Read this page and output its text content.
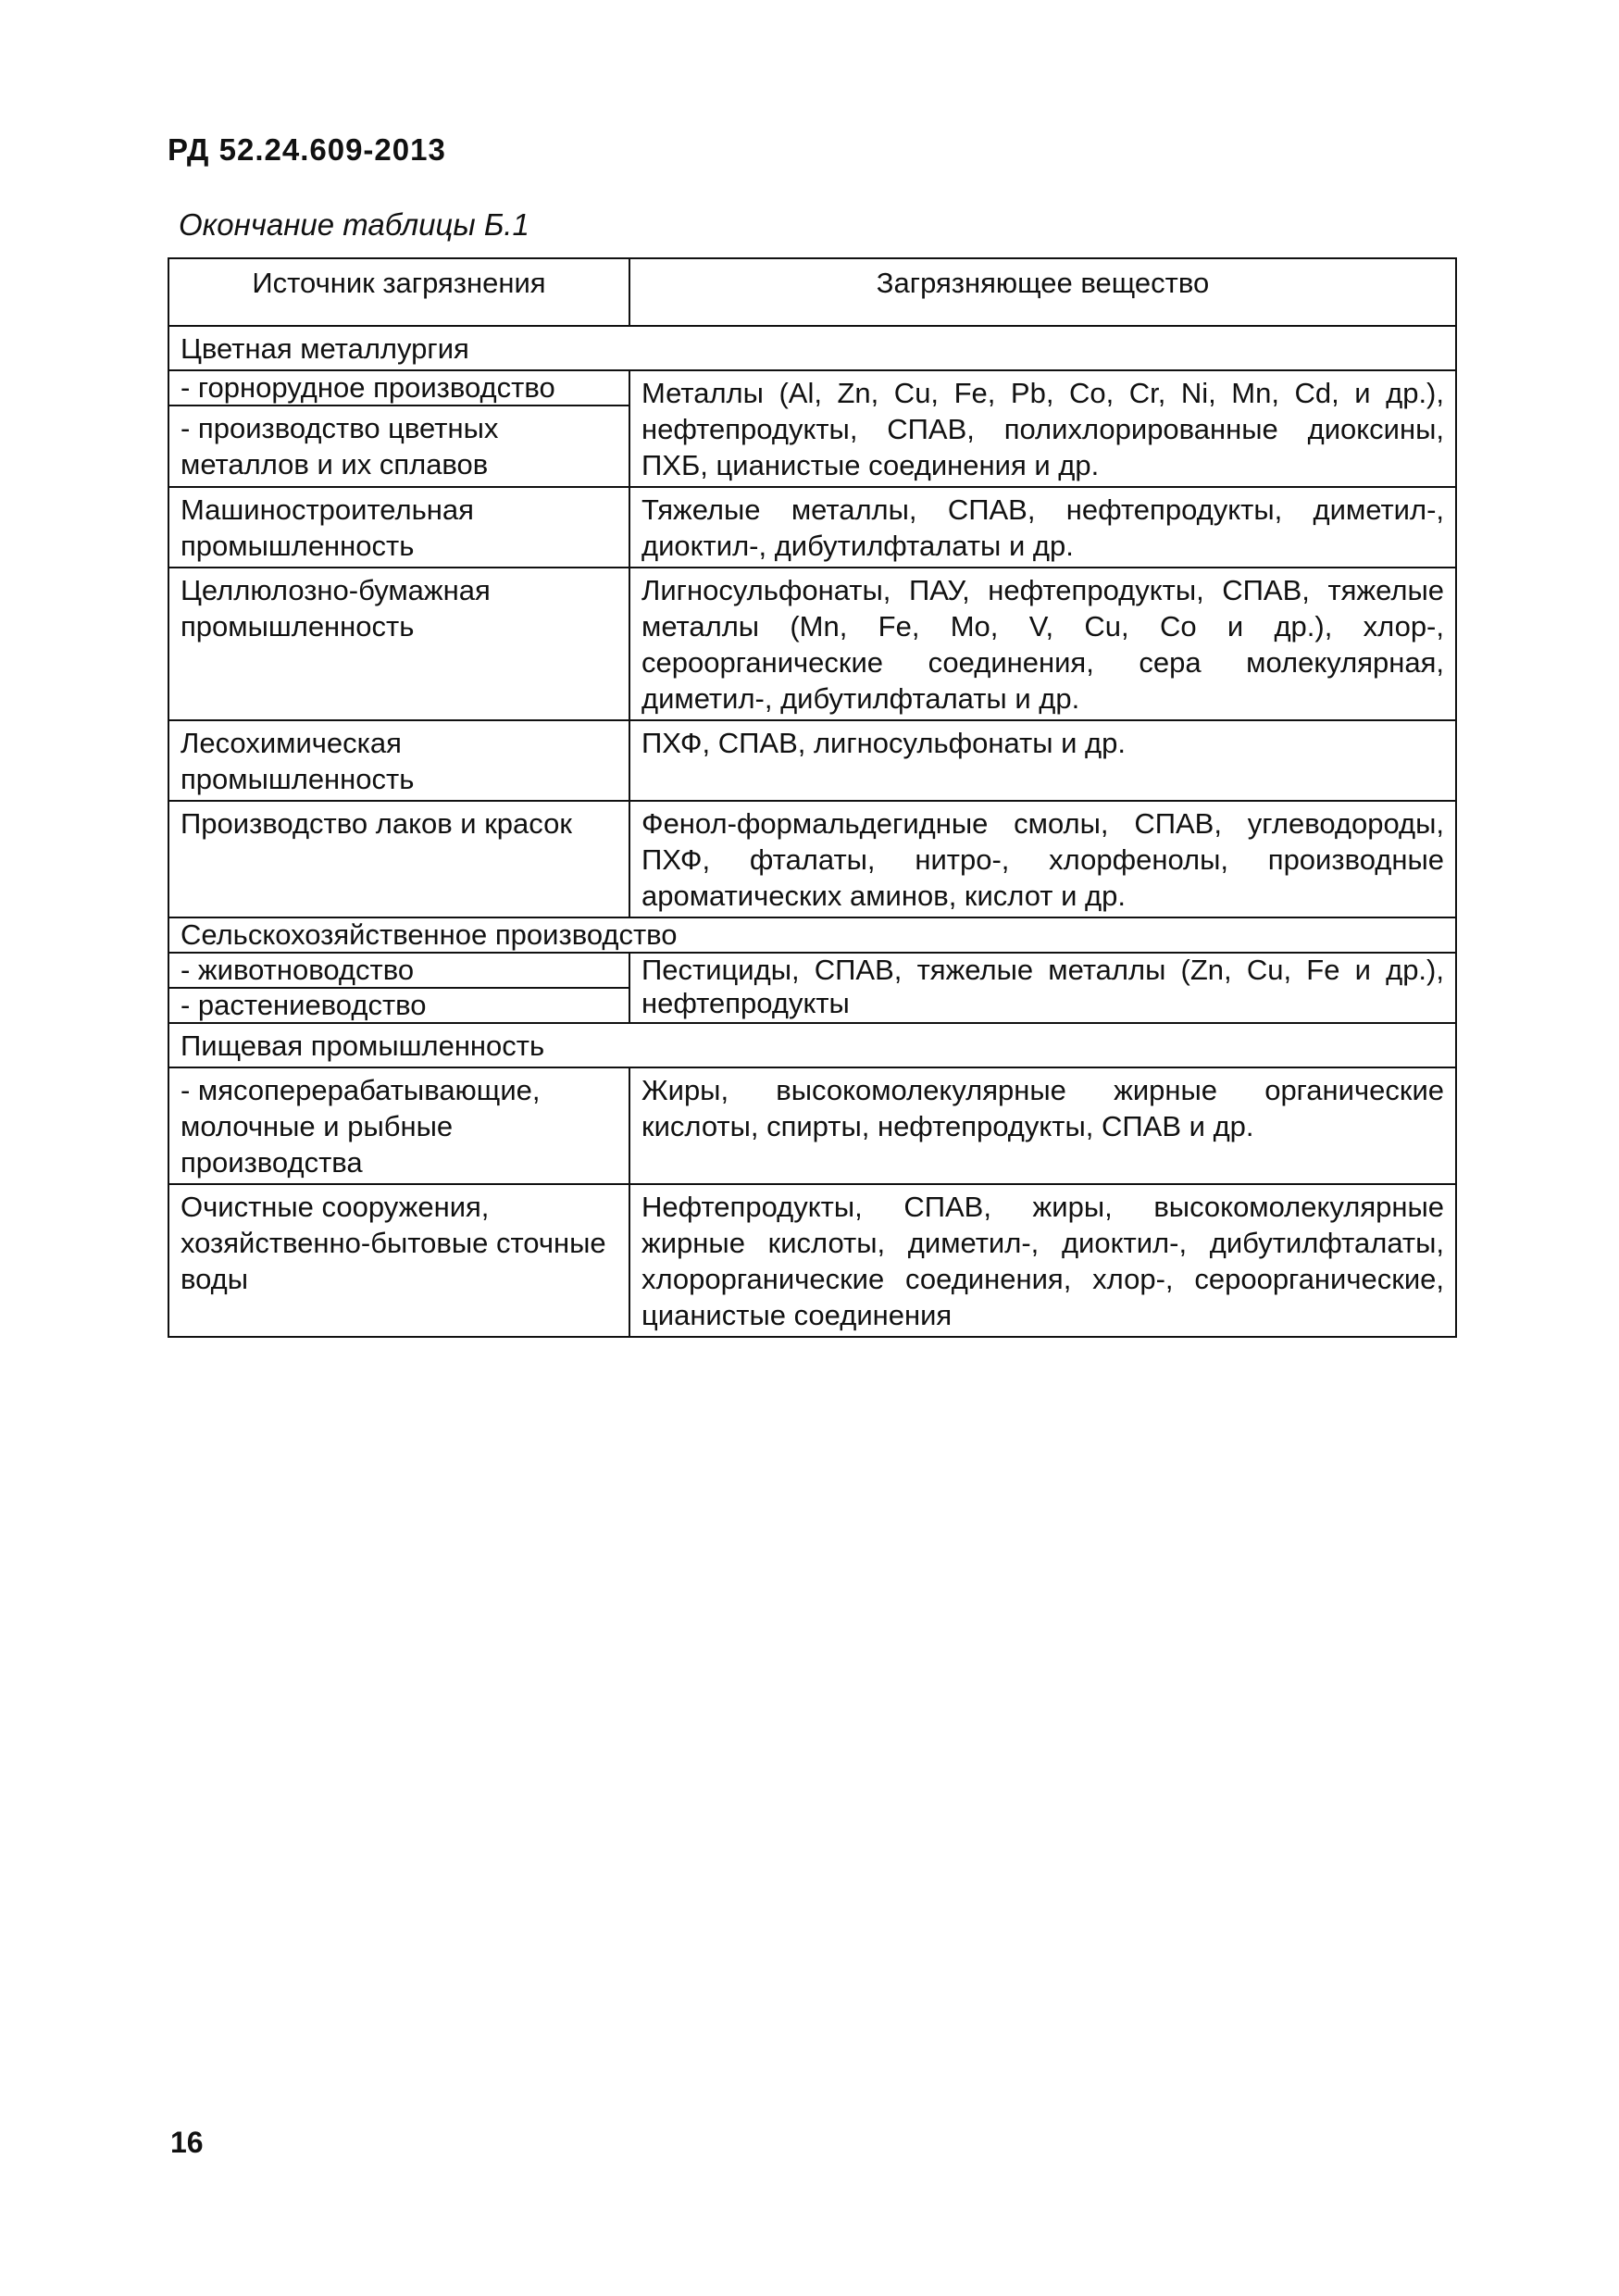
РД 52.24.609-2013
Окончание таблицы Б.1
Источник загрязнения	Загрязняющее вещество
Цветная металлургия	
- горнорудное производство	Металлы (Al, Zn, Cu, Fe, Pb, Co, Cr, Ni, Mn, Cd, и др.), нефтепродукты, СПАВ, полихлорированные диоксины, ПХБ, цианистые соединения и др.
- производство цветных металлов и их сплавов	
Машиностроительная промышленность	Тяжелые металлы, СПАВ, нефтепродукты, диметил-, диоктил-, дибутилфталаты и др.
Целлюлозно-бумажная промышленность	Лигносульфонаты, ПАУ, нефтепродукты, СПАВ, тяжелые металлы (Mn, Fe, Mo, V, Cu, Co и др.), хлор-, сероорганические соединения, сера молекулярная, диметил-, дибутилфталаты и др.
Лесохимическая промышленность	ПХФ, СПАВ, лигносульфонаты и др.
Производство лаков и красок	Фенол-формальдегидные смолы, СПАВ, углеводороды, ПХФ, фталаты, нитро-, хлорфенолы, производные ароматических аминов, кислот и др.
Сельскохозяйственное производство	
- животноводство	Пестициды, СПАВ, тяжелые металлы (Zn, Cu, Fe и др.), нефтепродукты
- растениеводство	
Пищевая промышленность	
- мясоперерабатывающие, молочные и рыбные производства	Жиры, высокомолекулярные жирные органические кислоты, спирты, нефтепродукты, СПАВ и др.
Очистные сооружения, хозяйственно-бытовые сточные воды	Нефтепродукты, СПАВ, жиры, высокомолекулярные жирные кислоты, диметил-, диоктил-, дибутилфталаты, хлорорганические соединения, хлор-, сероорганические, цианистые соединения
16
